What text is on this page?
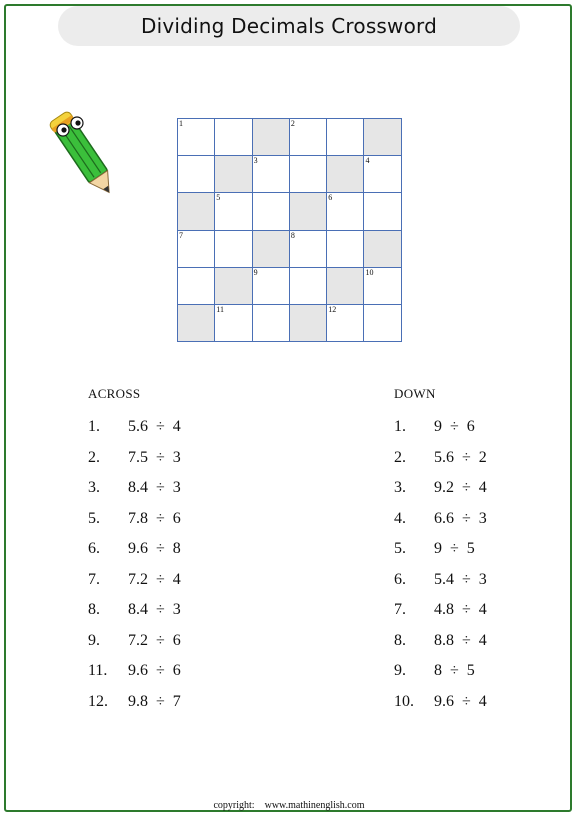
Dividing Decimals Crossword
1	2
3	4
5	6
7	8
9	10
11	12
ACROSS	DOWN
1.	5.6  ÷  4
2.	7.5  ÷  3
3.	8.4  ÷  3
5.	7.8  ÷  6
6.	9.6  ÷  8
7.	7.2  ÷  4
8.	8.4  ÷  3
9.	7.2  ÷  6
11.	9.6  ÷  6
12.	9.8  ÷  7
1.	9  ÷  6
2.	5.6  ÷  2
3.	9.2  ÷  4
4.	6.6  ÷  3
5.	9  ÷  5
6.	5.4  ÷  3
7.	4.8  ÷  4
8.	8.8  ÷  4
9.	8  ÷  5
10.	9.6  ÷  4
copyright: www.mathinenglish.com
